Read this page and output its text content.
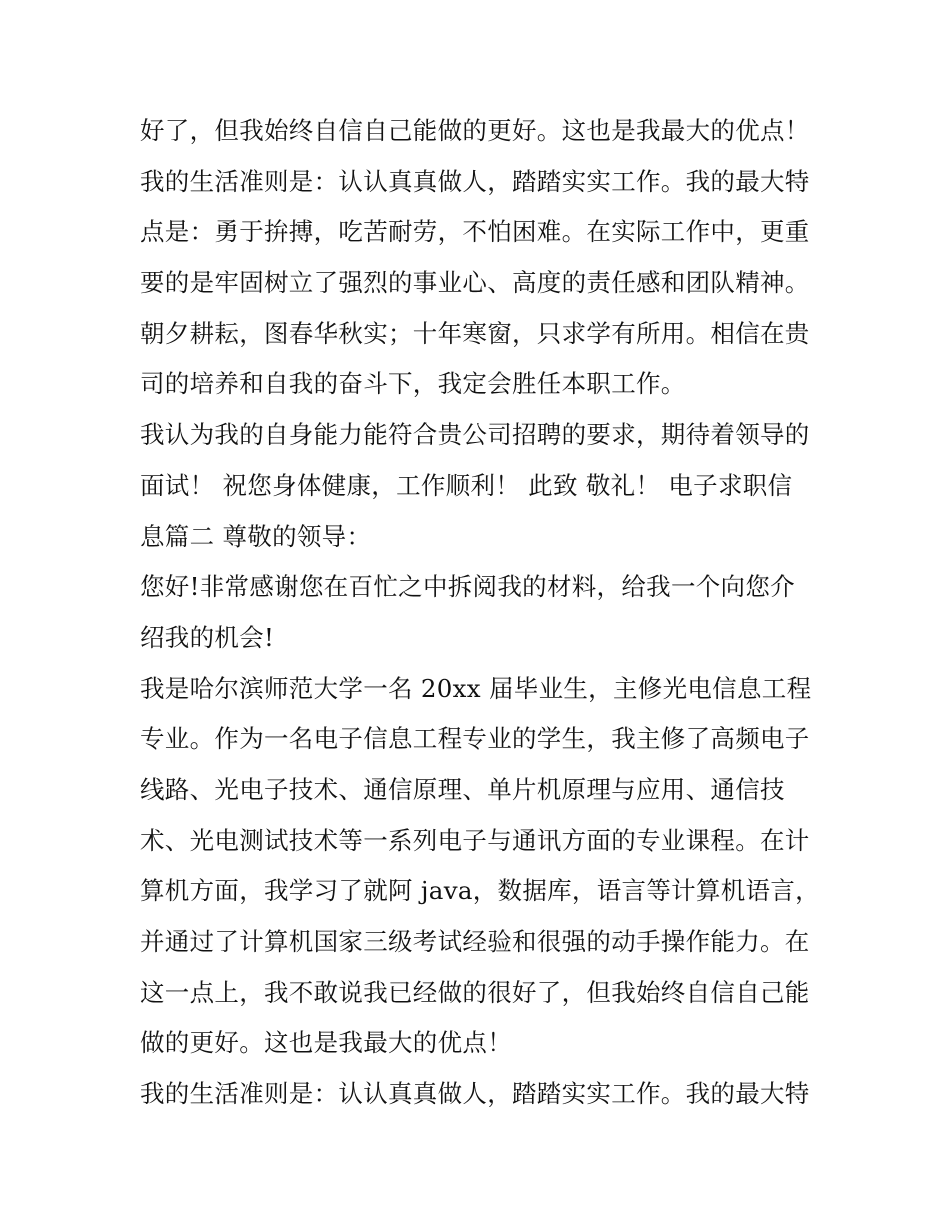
好了，但我始终自信自己能做的更好。这也是我最大的优点！
我的生活准则是：认认真真做人，踏踏实实工作。我的最大特
点是：勇于拚搏，吃苦耐劳，不怕困难。在实际工作中，更重
要的是牢固树立了强烈的事业心、高度的责任感和团队精神。
朝夕耕耘，图春华秋实；十年寒窗，只求学有所用。相信在贵
司的培养和自我的奋斗下，我定会胜任本职工作。
我认为我的自身能力能符合贵公司招聘的要求，期待着领导的
面试！ 祝您身体健康，工作顺利！ 此致 敬礼！ 电子求职信
息篇二 尊敬的领导：
您好!非常感谢您在百忙之中拆阅我的材料，给我一个向您介
绍我的机会!
我是哈尔滨师范大学一名 20xx 届毕业生，主修光电信息工程
专业。作为一名电子信息工程专业的学生，我主修了高频电子
线路、光电子技术、通信原理、单片机原理与应用、通信技
术、光电测试技术等一系列电子与通讯方面的专业课程。在计
算机方面，我学习了就阿 java，数据库，语言等计算机语言，
并通过了计算机国家三级考试经验和很强的动手操作能力。在
这一点上，我不敢说我已经做的很好了，但我始终自信自己能
做的更好。这也是我最大的优点！
我的生活准则是：认认真真做人，踏踏实实工作。我的最大特
